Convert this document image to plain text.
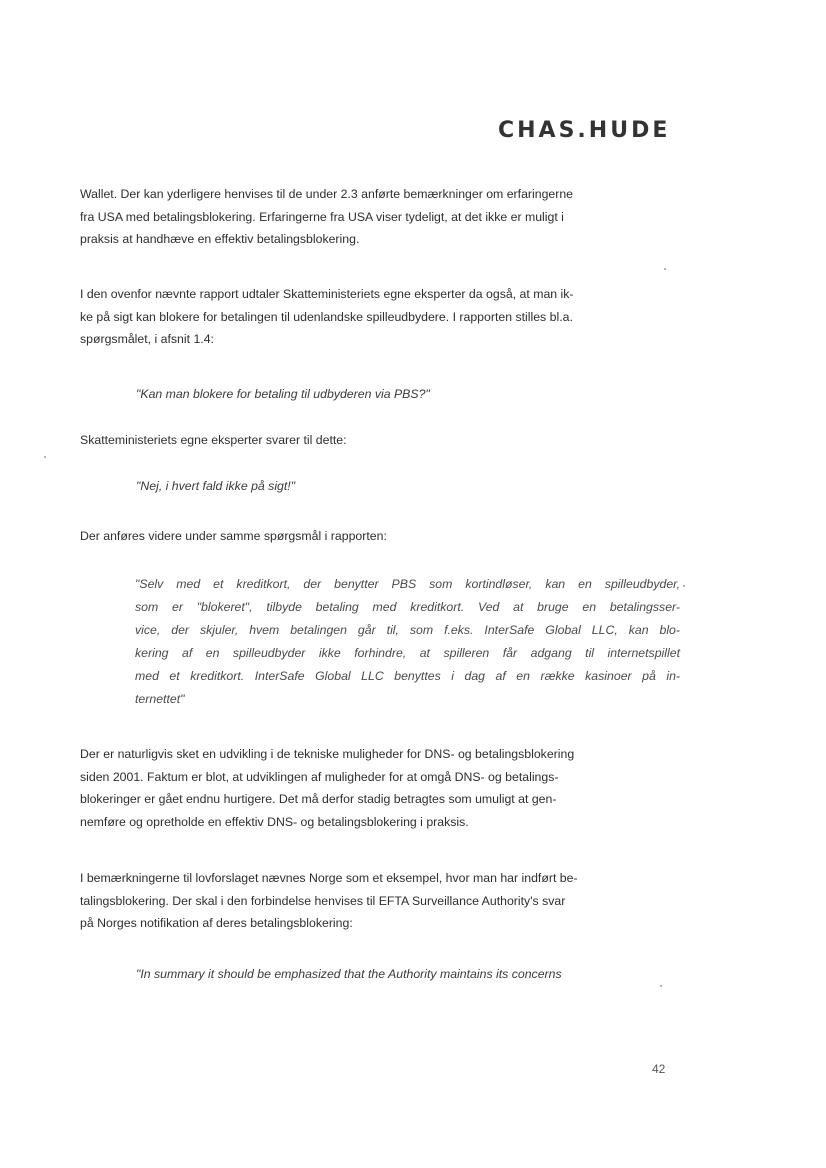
CHAS.HUDE
Wallet. Der kan yderligere henvises til de under 2.3 anførte bemærkninger om erfaringerne
fra USA med betalingsblokering. Erfaringerne fra USA viser tydeligt, at det ikke er muligt i
praksis at handhæve en effektiv betalingsblokering.
I den ovenfor nævnte rapport udtaler Skatteministeriets egne eksperter da også, at man ik-
ke på sigt kan blokere for betalingen til udenlandske spilleudbydere. I rapporten stilles bl.a.
spørgsmålet, i afsnit 1.4:
"Kan man blokere for betaling til udbyderen via PBS?"
Skatteministeriets egne eksperter svarer til dette:
"Nej, i hvert fald ikke på sigt!"
Der anføres videre under samme spørgsmål i rapporten:
"Selv med et kreditkort, der benytter PBS som kortindløser, kan en spilleudbyder,
som er "blokeret", tilbyde betaling med kreditkort. Ved at bruge en betalingsser-
vice, der skjuler, hvem betalingen går til, som f.eks. InterSafe Global LLC, kan blo-
kering af en spilleudbyder ikke forhindre, at spilleren får adgang til internetspillet
med et kreditkort. InterSafe Global LLC benyttes i dag af en række kasinoer på in-
ternettet"
Der er naturligvis sket en udvikling i de tekniske muligheder for DNS- og betalingsblokering
siden 2001. Faktum er blot, at udviklingen af muligheder for at omgå DNS- og betalings-
blokeringer er gået endnu hurtigere. Det må derfor stadig betragtes som umuligt at gen-
nemføre og opretholde en effektiv DNS- og betalingsblokering i praksis.
I bemærkningerne til lovforslaget nævnes Norge som et eksempel, hvor man har indført be-
talingsblokering. Der skal i den forbindelse henvises til EFTA Surveillance Authority's svar
på Norges notifikation af deres betalingsblokering:
"In summary it should be emphasized that the Authority maintains its concerns
42
